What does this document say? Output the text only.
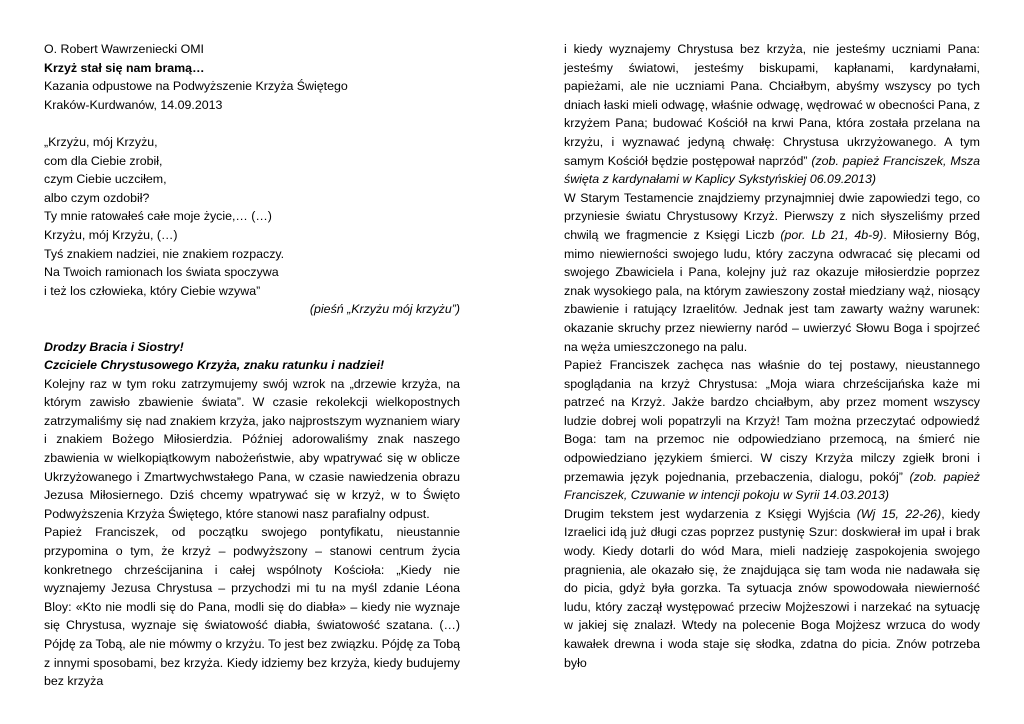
O. Robert Wawrzeniecki OMI
Krzyż stał się nam bramą…
Kazania odpustowe na Podwyższenie Krzyża Świętego
Kraków-Kurdwanów, 14.09.2013
„Krzyżu, mój Krzyżu,
com dla Ciebie zrobił,
czym Ciebie uczciłem,
albo czym ozdobił?
Ty mnie ratowałeś całe moje życie,… (…)
Krzyżu, mój Krzyżu, (…)
Tyś znakiem nadziei, nie znakiem rozpaczy.
Na Twoich ramionach los świata spoczywa
i też los człowieka, który Ciebie wzywa”
(pieśń „Krzyżu mój krzyżu”)
Drodzy Bracia i Siostry!
Czciciele Chrystusowego Krzyża, znaku ratunku i nadziei!

Kolejny raz w tym roku zatrzymujemy swój wzrok na „drzewie krzyża, na którym zawisło zbawienie świata”. W czasie rekolekcji wielkopostnych zatrzymaliśmy się nad znakiem krzyża, jako najprostszym wyznaniem wiary i znakiem Bożego Miłosierdzia. Później adorowaliśmy znak naszego zbawienia w wielkopiątkowym nabożeństwie, aby wpatrywać się w oblicze Ukrzyżowanego i Zmartwychwstałego Pana, w czasie nawiedzenia obrazu Jezusa Miłosiernego. Dziś chcemy wpatrywać się w krzyż, w to Święto Podwyższenia Krzyża Świętego, które stanowi nasz parafialny odpust.

Papież Franciszek, od początku swojego pontyfikatu, nieustannie przypomina o tym, że krzyż – podwyższony – stanowi centrum życia konkretnego chrześcijanina i całej wspólnoty Kościoła: „Kiedy nie wyznajemy Jezusa Chrystusa – przychodzi mi tu na myśl zdanie Léona Bloy: «Kto nie modli się do Pana, modli się do diabła» – kiedy nie wyznaje się Chrystusa, wyznaje się światowość diabła, światowość szatana. (…) Pójdę za Tobą, ale nie mówmy o krzyżu. To jest bez związku. Pójdę za Tobą z innymi sposobami, bez krzyża. Kiedy idziemy bez krzyża, kiedy budujemy bez krzyża

i kiedy wyznajemy Chrystusa bez krzyża, nie jesteśmy uczniami Pana: jesteśmy światowi, jesteśmy biskupami, kapłanami, kardynałami, papieżami, ale nie uczniami Pana. Chciałbym, abyśmy wszyscy po tych dniach łaski mieli odwagę, właśnie odwagę, wędrować w obecności Pana, z krzyżem Pana; budować Kościół na krwi Pana, która została przelana na krzyżu, i wyznawać jedyną chwałę: Chrystusa ukrzyżowanego. A tym samym Kościół będzie postępował naprzód” (zob. papież Franciszek, Msza święta z kardynałami w Kaplicy Sykstyńskiej 06.09.2013)

W Starym Testamencie znajdziemy przynajmniej dwie zapowiedzi tego, co przyniesie światu Chrystusowy Krzyż. Pierwszy z nich słyszeliśmy przed chwilą we fragmencie z Księgi Liczb (por. Lb 21, 4b-9). Miłosierny Bóg, mimo niewierności swojego ludu, który zaczyna odwracać się plecami od swojego Zbawiciela i Pana, kolejny już raz okazuje miłosierdzie poprzez znak wysokiego pala, na którym zawieszony został miedziany wąż, niosący zbawienie i ratujący Izraelitów. Jednak jest tam zawarty ważny warunek: okazanie skruchy przez niewierny naród – uwierzyć Słowu Boga i spojrzeć na węża umieszczonego na palu.

Papież Franciszek zachęca nas właśnie do tej postawy, nieustannego spoglądania na krzyż Chrystusa: „Moja wiara chrześcijańska każe mi patrzeć na Krzyż. Jakże bardzo chciałbym, aby przez moment wszyscy ludzie dobrej woli popatrzyli na Krzyż! Tam można przeczytać odpowiedź Boga: tam na przemoc nie odpowiedziano przemocą, na śmierć nie odpowiedziano językiem śmierci. W ciszy Krzyża milczy zgiełk broni i przemawia język pojednania, przebaczenia, dialogu, pokój” (zob. papież Franciszek, Czuwanie w intencji pokoju w Syrii 14.03.2013)

Drugim tekstem jest wydarzenia z Księgi Wyjścia (Wj 15, 22-26), kiedy Izraelici idą już długi czas poprzez pustynię Szur: doskwierał im upał i brak wody. Kiedy dotarli do wód Mara, mieli nadzieję zaspokojenia swojego pragnienia, ale okazało się, że znajdująca się tam woda nie nadawała się do picia, gdyż była gorzka. Ta sytuacja znów spowodowała niewierność ludu, który zaczął występować przeciw Mojżeszowi i narzekać na sytuację w jakiej się znalazł. Wtedy na polecenie Boga Mojżesz wrzuca do wody kawałek drewna i woda staje się słodka, zdatna do picia. Znów potrzeba było
